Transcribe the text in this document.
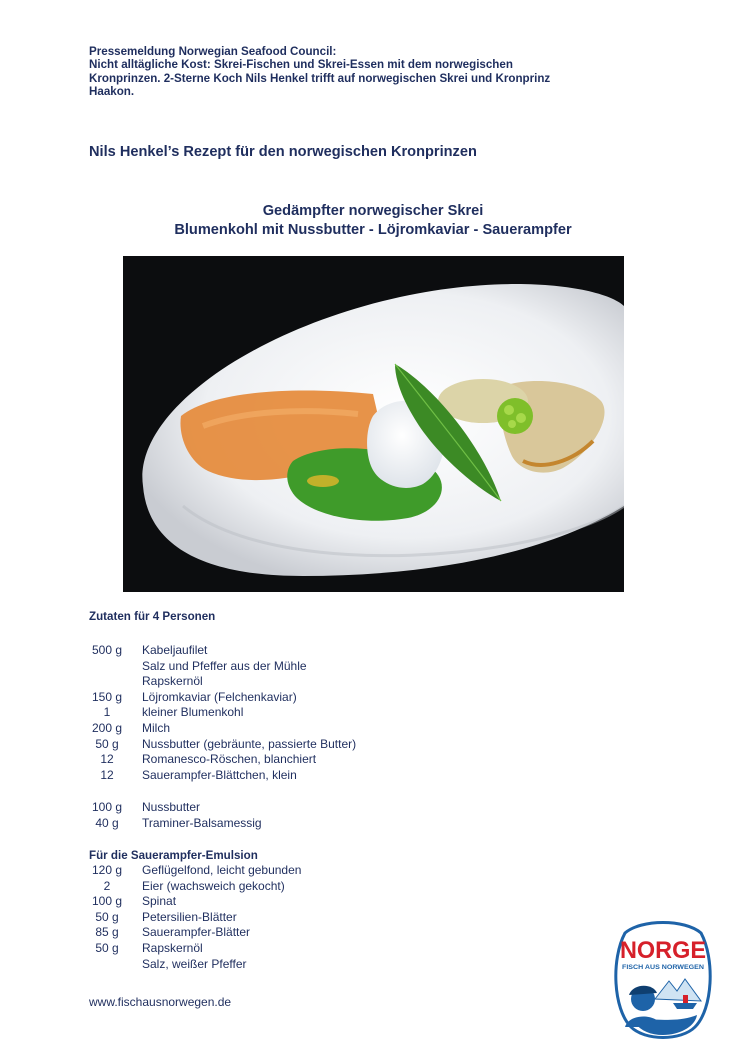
Pressemeldung Norwegian Seafood Council:
Nicht alltägliche Kost: Skrei-Fischen und Skrei-Essen mit dem norwegischen
Kronprinzen. 2-Sterne Koch Nils Henkel trifft auf norwegischen Skrei und Kronprinz
Haakon.
Nils Henkel’s Rezept für den norwegischen Kronprinzen
Gedämpfter norwegischer Skrei
Blumenkohl mit Nussbutter - Löjromkaviar - Sauerampfer
Zutaten für 4 Personen
500 g Kabeljaufilet
Salz und Pfeffer aus der Mühle
Rapskernöl
150 g Löjromkaviar (Felchenkaviar)
1	kleiner Blumenkohl
200 g Milch
50 g	Nussbutter (gebräunte, passierte Butter)
12	Romanesco-Röschen, blanchiert
12	Sauerampfer-Blättchen, klein
100 g Nussbutter
40 g	Traminer-Balsamessig
Für die Sauerampfer-Emulsion
120 g Geflügelfond, leicht gebunden
2	Eier (wachsweich gekocht)
100 g Spinat
50 g	Petersilien-Blätter
85 g	Sauerampfer-Blätter
50 g	Rapskernöl
Salz, weißer Pfeffer
www.fischausnorwegen.de
NORGE
FISCH AUS NORWEGEN
